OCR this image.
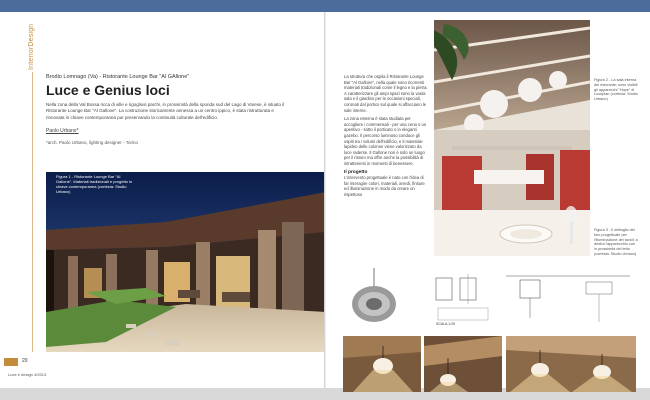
InteriorDesign
Brodio Lomnago (Va) - Ristorante Lounge Bar "Al GAllone"
Luce e Genius loci
Nella zona della Val Bossa ricca di ville e rigogliosi parchi, in prossimità della sponda sud del Lago di Varese, è situato il Ristorante Lounge Bar "Al Gallone". La costruzione storicamente annessa a un centro ippico, è stata ristrutturata e rinnovata in chiave contemporanea pur preservando la continuità culturale dell'edificio.
Paolo Urbano*
*arch. Paolo Urbano, lighting designer - Torino
Figura 1 - Ristorante Lounge Bar "Al Gallone". Materiali tradizionali e progetto in chiave contemporanea (cortesia: Studio Urbano)
20
Luce e design 4/2013

La struttura che ospita il Ristorante Lounge Bar "Al Gallone", nella quale sono ricorrenti materiali tradizionali come il legno e la pietra. A caratterizzare gli ampi spazi sono la vasta sala e il giardino per le occasioni speciali, coronati dal portico sul quale si affacciano le sale interne.

La zona esterna è stata studiata per accogliere i commensali - per una cena o un aperitivo - sotto il porticato o in eleganti gazebo. Il percorso luminoso conduce gli ospiti tra i volumi dell'edificio, e il materiale lapideo delle colonne viene valorizzato da luce radente. Il Gallone non è solo un luogo per il ristoro ma offre anche la possibilità di intrattenersi in momenti di benessere.

Il progetto

L'intervento progettuale è nato con l'idea di far interagire colori, materiali, arredi, finiture ed illuminazione in modo da creare un rispettoso

Figura 2 - La sala interna del ristorante; sono visibili gli apparecchi "Hope" di Luceplan (cortesia: Studio Urbano)
Figura 3 - Il dettaglio del foto progettuale per l'illuminazione dei tavoli; a destra l'apparecchio con in prossimità del tetto (cortesia: Studio Urbano)
SCALA 1:20
